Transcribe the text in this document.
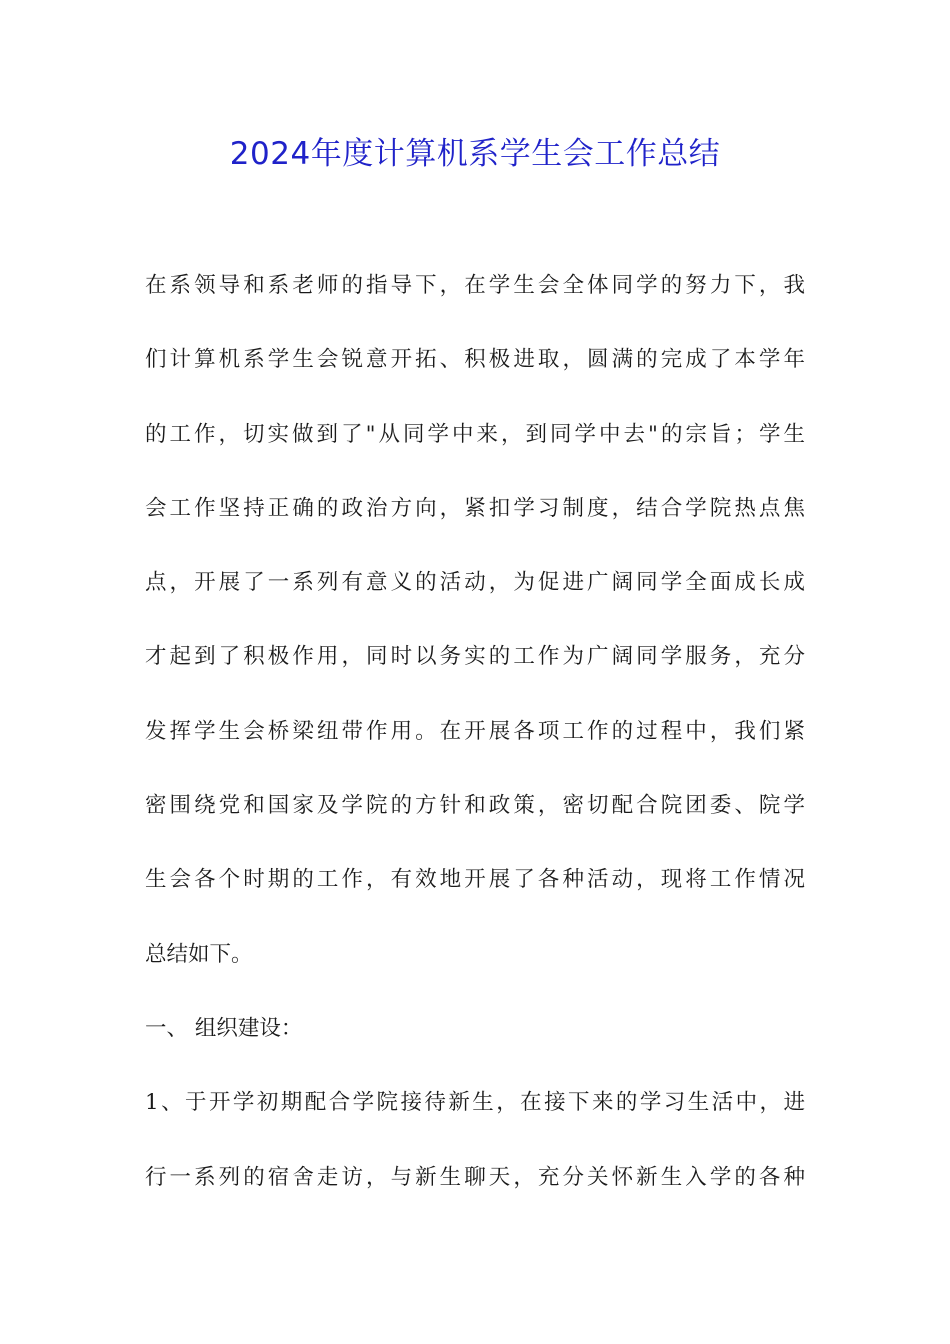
2024年度计算机系学生会工作总结
在系领导和系老师的指导下，在学生会全体同学的努力下，我
们计算机系学生会锐意开拓、积极进取，圆满的完成了本学年
的工作，切实做到了"从同学中来，到同学中去"的宗旨；学生
会工作坚持正确的政治方向，紧扣学习制度，结合学院热点焦
点，开展了一系列有意义的活动，为促进广阔同学全面成长成
才起到了积极作用，同时以务实的工作为广阔同学服务，充分
发挥学生会桥梁纽带作用。在开展各项工作的过程中，我们紧
密围绕党和国家及学院的方针和政策，密切配合院团委、院学
生会各个时期的工作，有效地开展了各种活动，现将工作情况
总结如下。
一、 组织建设：
1、于开学初期配合学院接待新生，在接下来的学习生活中，进
行一系列的宿舍走访，与新生聊天，充分关怀新生入学的各种
